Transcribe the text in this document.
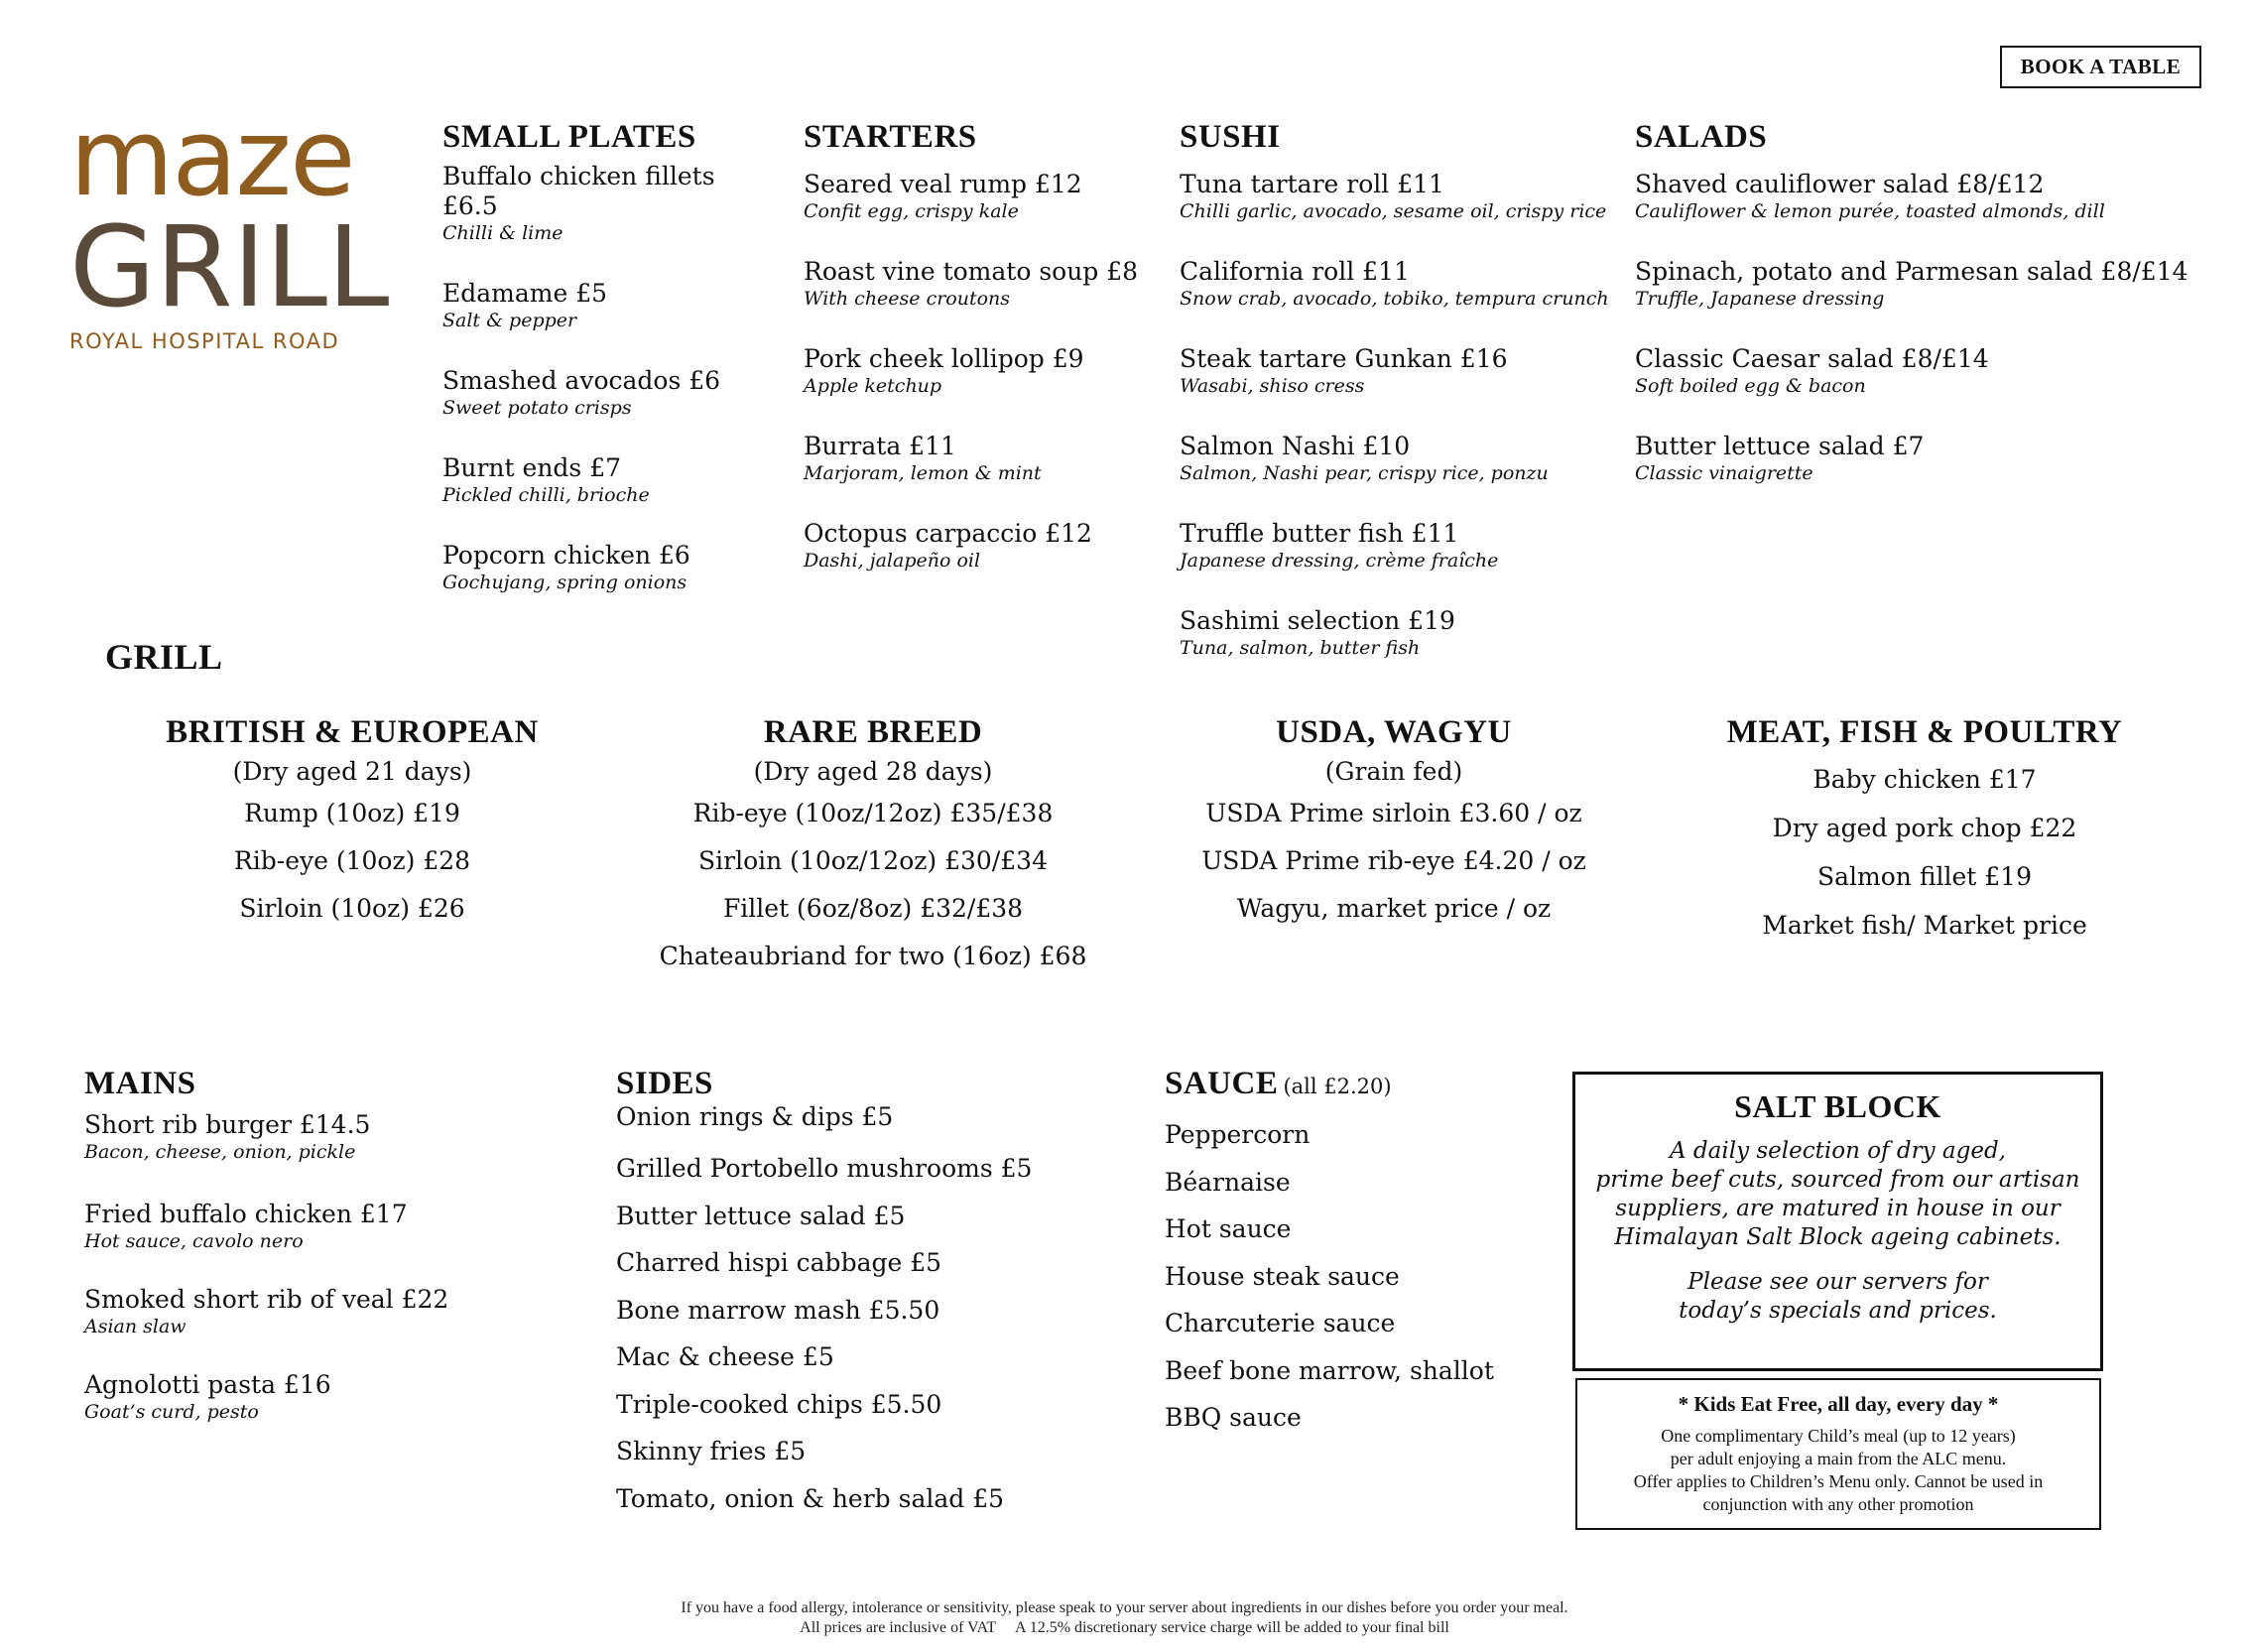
BOOK A TABLE
maze
GRILL
ROYAL HOSPITAL ROAD
SMALL PLATES
Buffalo chicken fillets £6.5
Chilli & lime
Edamame £5
Salt & pepper
Smashed avocados £6
Sweet potato crisps
Burnt ends £7
Pickled chilli, brioche
Popcorn chicken £6
Gochujang, spring onions
STARTERS
Seared veal rump £12
Confit egg, crispy kale
Roast vine tomato soup £8
With cheese croutons
Pork cheek lollipop £9
Apple ketchup
Burrata £11
Marjoram, lemon & mint
Octopus carpaccio £12
Dashi, jalapeño oil
SUSHI
Tuna tartare roll £11
Chilli garlic, avocado, sesame oil, crispy rice
California roll £11
Snow crab, avocado, tobiko, tempura crunch
Steak tartare Gunkan £16
Wasabi, shiso cress
Salmon Nashi £10
Salmon, Nashi pear, crispy rice, ponzu
Truffle butter fish £11
Japanese dressing, crème fraîche
Sashimi selection £19
Tuna, salmon, butter fish
SALADS
Shaved cauliflower salad £8/£12
Cauliflower & lemon purée, toasted almonds, dill
Spinach, potato and Parmesan salad £8/£14
Truffle, Japanese dressing
Classic Caesar salad £8/£14
Soft boiled egg & bacon
Butter lettuce salad £7
Classic vinaigrette
GRILL
BRITISH & EUROPEAN
(Dry aged 21 days)
Rump (10oz) £19
Rib-eye (10oz) £28
Sirloin (10oz) £26
RARE BREED
(Dry aged 28 days)
Rib-eye (10oz/12oz) £35/£38
Sirloin (10oz/12oz) £30/£34
Fillet (6oz/8oz) £32/£38
Chateaubriand for two (16oz) £68
USDA, WAGYU
(Grain fed)
USDA Prime sirloin £3.60 / oz
USDA Prime rib-eye £4.20 / oz
Wagyu, market price / oz
MEAT, FISH & POULTRY
Baby chicken £17
Dry aged pork chop £22
Salmon fillet £19
Market fish/ Market price
MAINS
Short rib burger £14.5
Bacon, cheese, onion, pickle
Fried buffalo chicken £17
Hot sauce, cavolo nero
Smoked short rib of veal £22
Asian slaw
Agnolotti pasta £16
Goat’s curd, pesto
SIDES
Onion rings & dips £5
Grilled Portobello mushrooms £5
Butter lettuce salad £5
Charred hispi cabbage £5
Bone marrow mash £5.50
Mac & cheese £5
Triple-cooked chips £5.50
Skinny fries £5
Tomato, onion & herb salad £5
SAUCE (all £2.20)
Peppercorn
Béarnaise
Hot sauce
House steak sauce
Charcuterie sauce
Beef bone marrow, shallot
BBQ sauce
SALT BLOCK
A daily selection of dry aged,
prime beef cuts, sourced from our artisan
suppliers, are matured in house in our
Himalayan Salt Block ageing cabinets.
Please see our servers for
today’s specials and prices.
* Kids Eat Free, all day, every day *
One complimentary Child’s meal (up to 12 years)
per adult enjoying a main from the ALC menu.
Offer applies to Children’s Menu only. Cannot be used in
conjunction with any other promotion
If you have a food allergy, intolerance or sensitivity, please speak to your server about ingredients in our dishes before you order your meal.
All prices are inclusive of VAT     A 12.5% discretionary service charge will be added to your final bill
